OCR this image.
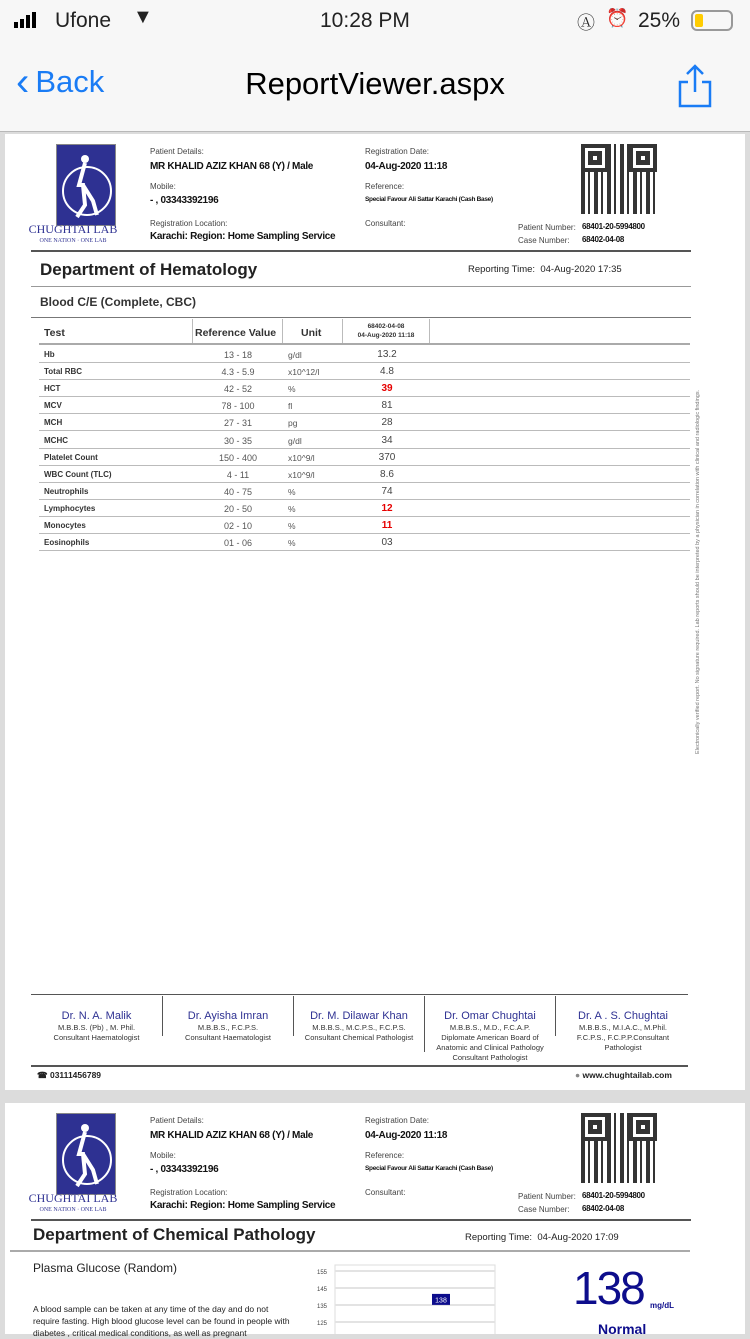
Ufone ▼	10:28 PM	Ⓐ ⏰ 25%
‹ Back	ReportViewer.aspx
CHUGHTAI LAB
ONE NATION · ONE LAB
Patient Details:
MR KHALID AZIZ KHAN 68 (Y) / Male
Mobile:
- , 03343392196
Registration Location:
Karachi: Region: Home Sampling Service
Registration Date:
04-Aug-2020 11:18
Reference:
Special Favour Ali Sattar Karachi (Cash Base)
Consultant:	Patient Number: 68401-20-5994800
Case Number: 68402-04-08
Department of Hematology	Reporting Time: 04-Aug-2020 17:35
Blood C/E (Complete, CBC)
Test	Reference Value	Unit
68402-04-08
04-Aug-2020 11:18
Hb	13 - 18	g/dl	13.2
Total RBC	4.3 - 5.9	x10^12/l	4.8
HCT	42 - 52	%	39
MCV	78 - 100	fl	81
MCH	27 - 31	pg	28
MCHC	30 - 35	g/dl	34
Platelet Count	150 - 400	x10^9/l	370
WBC Count (TLC)	4 - 11	x10^9/l	8.6
Neutrophils	40 - 75	%	74
Lymphocytes	20 - 50	%	12
Monocytes	02 - 10	%	11
Eosinophils	01 - 06	%	03	Electronically verified report. No signature required. Lab reports should be interpreted by a physician in correlation with clinical and radiologic findings.
Dr. N. A. Malik
M.B.B.S. (Pb) , M. Phil.
Consultant Haematologist
Dr. Ayisha Imran
M.B.B.S., F.C.P.S.
Consultant Haematologist
Dr. M. Dilawar Khan
M.B.B.S., M.C.P.S., F.C.P.S.
Consultant Chemical Pathologist
Dr. Omar Chughtai
M.B.B.S., M.D., F.C.A.P.
Diplomate American Board of
Anatomic and Clinical Pathology
Consultant Pathologist
Dr. A . S. Chughtai
M.B.B.S., M.I.A.C., M.Phil.
F.C.P.S., F.C.P.P.Consultant
Pathologist
☎ 03111456789	● www.chughtailab.com
CHUGHTAI LAB
ONE NATION · ONE LAB
Patient Details:
MR KHALID AZIZ KHAN 68 (Y) / Male
Mobile:
- , 03343392196
Registration Location:
Karachi: Region: Home Sampling Service
Registration Date:
04-Aug-2020 11:18
Reference:
Special Favour Ali Sattar Karachi (Cash Base)
Consultant:	Patient Number: 68401-20-5994800
Case Number: 68402-04-08
Department of Chemical Pathology	Reporting Time: 04-Aug-2020 17:09
Plasma Glucose (Random)
A blood sample can be taken at any time of the day and do not require fasting. High blood glucose level can be found in people with diabetes , critical medical conditions, as well as pregnant
155
145
135
125
138	138 mg/dL
Normal
